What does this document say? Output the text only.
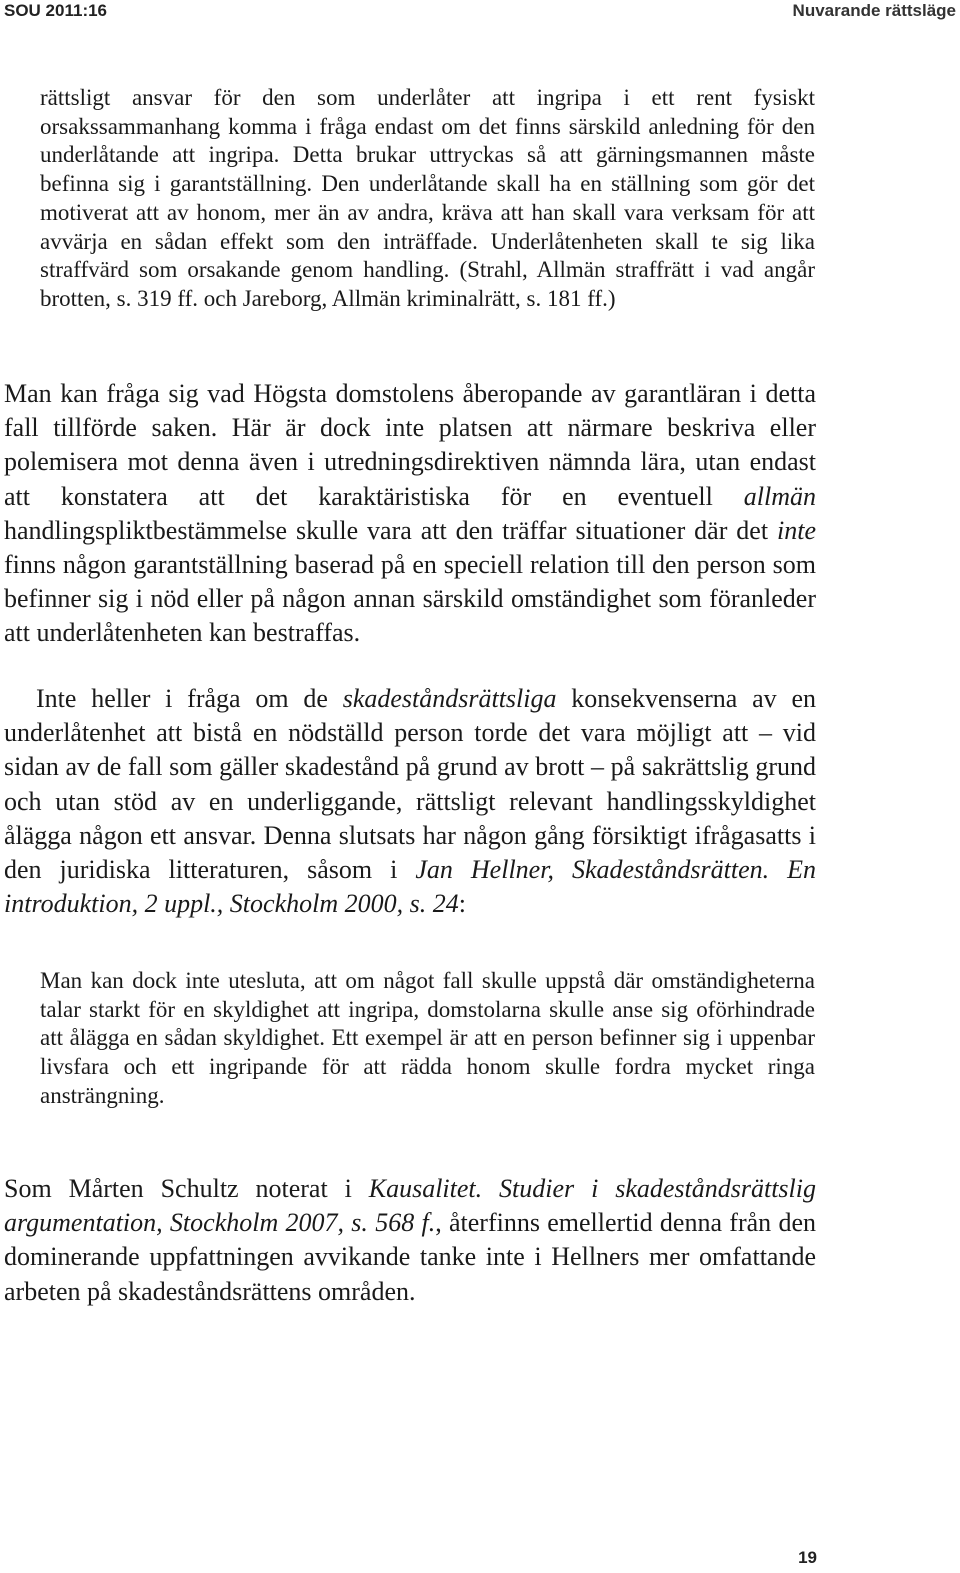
SOU 2011:16	Nuvarande rättsläge

rättsligt ansvar för den som underlåter att ingripa i ett rent fysiskt orsakssammanhang komma i fråga endast om det finns särskild anledning för den underlåtande att ingripa. Detta brukar uttryckas så att gärningsmannen måste befinna sig i garantställning. Den underlåtande skall ha en ställning som gör det motiverat att av honom, mer än av andra, kräva att han skall vara verksam för att avvärja en sådan effekt som den inträffade. Underlåtenheten skall te sig lika straffvärd som orsakande genom handling. (Strahl, Allmän straffrätt i vad angår brotten, s. 319 ff. och Jareborg, Allmän kriminalrätt, s. 181 ff.)

Man kan fråga sig vad Högsta domstolens åberopande av garantläran i detta fall tillförde saken. Här är dock inte platsen att närmare beskriva eller polemisera mot denna även i utredningsdirektiven nämnda lära, utan endast att konstatera att det karaktäristiska för en eventuell allmän handlingspliktbestämmelse skulle vara att den träffar situationer där det inte finns någon garantställning baserad på en speciell relation till den person som befinner sig i nöd eller på någon annan särskild omständighet som föranleder att underlåtenheten kan bestraffas.

Inte heller i fråga om de skadeståndsrättsliga konsekvenserna av en underlåtenhet att bistå en nödställd person torde det vara möjligt att – vid sidan av de fall som gäller skadestånd på grund av brott – på sakrättslig grund och utan stöd av en underliggande, rättsligt relevant handlingsskyldighet ålägga någon ett ansvar. Denna slutsats har någon gång försiktigt ifrågasatts i den juridiska litteraturen, såsom i Jan Hellner, Skadeståndsrätten. En introduktion, 2 uppl., Stockholm 2000, s. 24:

Man kan dock inte utesluta, att om något fall skulle uppstå där omständigheterna talar starkt för en skyldighet att ingripa, domstolarna skulle anse sig oförhindrade att ålägga en sådan skyldighet. Ett exempel är att en person befinner sig i uppenbar livsfara och ett ingripande för att rädda honom skulle fordra mycket ringa ansträngning.

Som Mårten Schultz noterat i Kausalitet. Studier i skadeståndsrättslig argumentation, Stockholm 2007, s. 568 f., återfinns emellertid denna från den dominerande uppfattningen avvikande tanke inte i Hellners mer omfattande arbeten på skadeståndsrättens områden.

19
